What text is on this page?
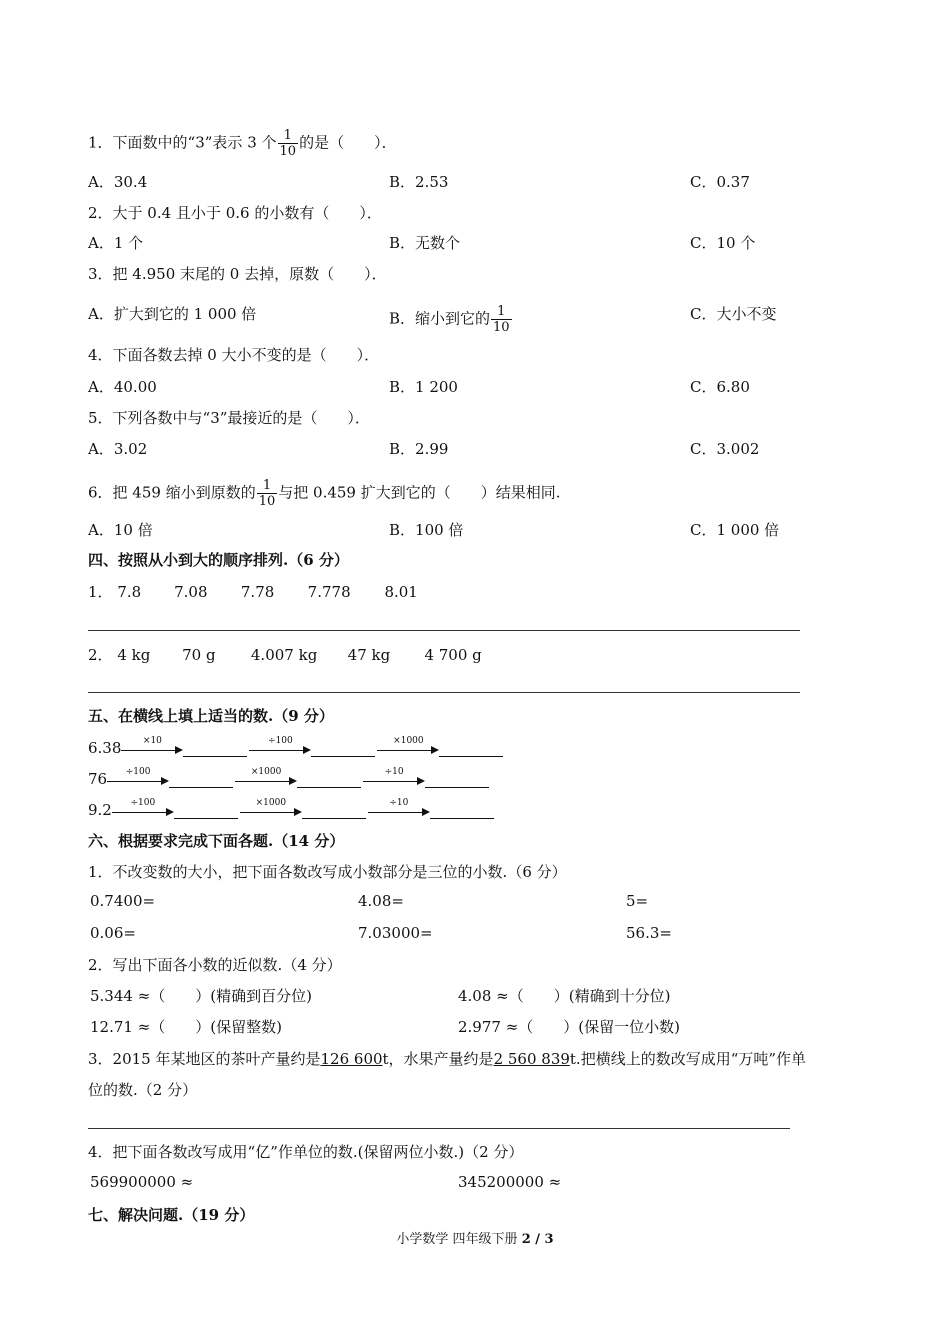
1．下面数中的“3”表示 3 个 $\frac{1}{10}$ 的是（　　）．
A．30.4	B．2.53	C．0.37
2．大于 0.4 且小于 0.6 的小数有（　　）．
A．1 个	B．无数个	C．10 个
3．把 4.950 末尾的 0 去掉，原数（　　）．
A．扩大到它的 1 000 倍	B．缩小到它的 $\frac{1}{10}$	C．大小不变
4．下面各数去掉 0 大小不变的是（　　）．
A．40.00	B．1 200	C．6.80
5．下列各数中与“3”最接近的是（　　）．
A．3.02	B．2.99	C．3.002
6．把 459 缩小到原数的 $\frac{1}{10}$ 与把 0.459 扩大到它的（　　）结果相同.
A．10 倍	B．100 倍	C．1 000 倍
四、按照从小到大的顺序排列.（6 分）
1． 7.8 7.08 7.78 7.778 8.01
2． 4 kg 70 g 4.007 kg 47 kg 4 700 g
五、在横线上填上适当的数.（9 分）
6.38	×10	÷100	×1000
76	÷100	×1000	÷10
9.2	÷100	×1000	÷10
六、根据要求完成下面各题.（14 分）
1．不改变数的大小，把下面各数改写成小数部分是三位的小数.（6 分）
0.7400=	4.08=	5=
0.06=	7.03000=	56.3=
2．写出下面各小数的近似数.（4 分）
5.344 ≈（　　）(精确到百分位)	4.08 ≈（　　）(精确到十分位)
12.71 ≈（　　）(保留整数)	2.977 ≈（　　）(保留一位小数)
3．2015 年某地区的茶叶产量约是126 600t，水果产量约是2 560 839t.把横线上的数改写成用“万吨”作单
位的数.（2 分）
4．把下面各数改写成用“亿”作单位的数.(保留两位小数.)（2 分）
569900000 ≈	345200000 ≈
七、解决问题.（19 分）
小学数学 四年级下册 2 / 3
